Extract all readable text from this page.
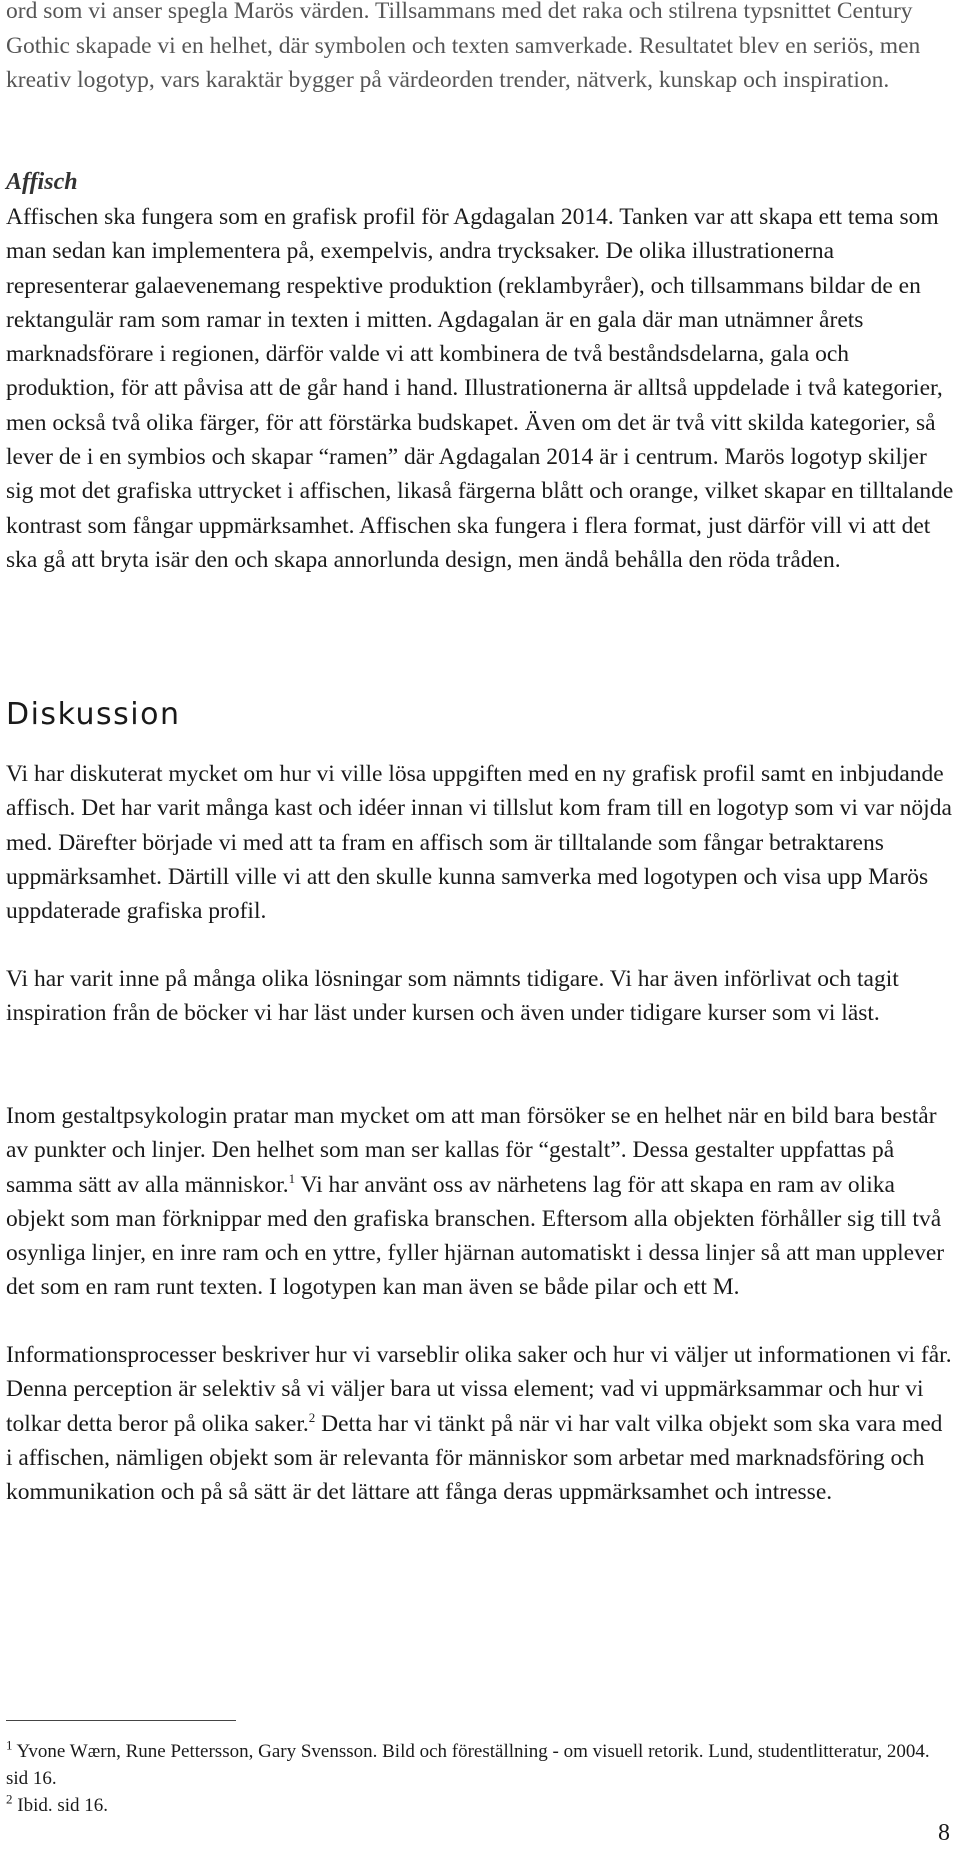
ord som vi anser spegla Marös värden. Tillsammans med det raka och stilrena typsnittet Century Gothic skapade vi en helhet, där symbolen och texten samverkade. Resultatet blev en seriös, men kreativ logotyp, vars karaktär bygger på värdeorden trender, nätverk, kunskap och inspiration.

Affisch

Affischen ska fungera som en grafisk profil för Agdagalan 2014. Tanken var att skapa ett tema som man sedan kan implementera på, exempelvis, andra trycksaker. De olika illustrationerna representerar galaevenemang respektive produktion (reklambyråer), och tillsammans bildar de en rektangulär ram som ramar in texten i mitten. Agdagalan är en gala där man utnämner årets marknadsförare i regionen, därför valde vi att kombinera de två beståndsdelarna, gala och produktion, för att påvisa att de går hand i hand. Illustrationerna är alltså uppdelade i två kategorier, men också två olika färger, för att förstärka budskapet. Även om det är två vitt skilda kategorier, så lever de i en symbios och skapar “ramen” där Agdagalan 2014 är i centrum. Marös logotyp skiljer sig mot det grafiska uttrycket i affischen, likaså färgerna blått och orange, vilket skapar en tilltalande kontrast som fångar uppmärksamhet. Affischen ska fungera i flera format, just därför vill vi att det ska gå att bryta isär den och skapa annorlunda design, men ändå behålla den röda tråden.

Diskussion

Vi har diskuterat mycket om hur vi ville lösa uppgiften med en ny grafisk profil samt en inbjudande affisch. Det har varit många kast och idéer innan vi tillslut kom fram till en logotyp som vi var nöjda med. Därefter började vi med att ta fram en affisch som är tilltalande som fångar betraktarens uppmärksamhet. Därtill ville vi att den skulle kunna samverka med logotypen och visa upp Marös uppdaterade grafiska profil.

Vi har varit inne på många olika lösningar som nämnts tidigare. Vi har även införlivat och tagit inspiration från de böcker vi har läst under kursen och även under tidigare kurser som vi läst.

Inom gestaltpsykologin pratar man mycket om att man försöker se en helhet när en bild bara består av punkter och linjer. Den helhet som man ser kallas för “gestalt”. Dessa gestalter uppfattas på samma sätt av alla människor.$^1$ Vi har använt oss av närhetens lag för att skapa en ram av olika objekt som man förknippar med den grafiska branschen. Eftersom alla objekten förhåller sig till två osynliga linjer, en inre ram och en yttre, fyller hjärnan automatiskt i dessa linjer så att man upplever det som en ram runt texten. I logotypen kan man även se både pilar och ett M.

Informationsprocesser beskriver hur vi varseblir olika saker och hur vi väljer ut informationen vi får. Denna perception är selektiv så vi väljer bara ut vissa element; vad vi uppmärksammar och hur vi tolkar detta beror på olika saker.$^2$ Detta har vi tänkt på när vi har valt vilka objekt som ska vara med i affischen, nämligen objekt som är relevanta för människor som arbetar med marknadsföring och kommunikation och på så sätt är det lättare att fånga deras uppmärksamhet och intresse.

$^1$ Yvone Wærn, Rune Pettersson, Gary Svensson. Bild och föreställning - om visuell retorik. Lund, studentlitteratur, 2004. sid 16.

$^2$ Ibid. sid 16.

8
